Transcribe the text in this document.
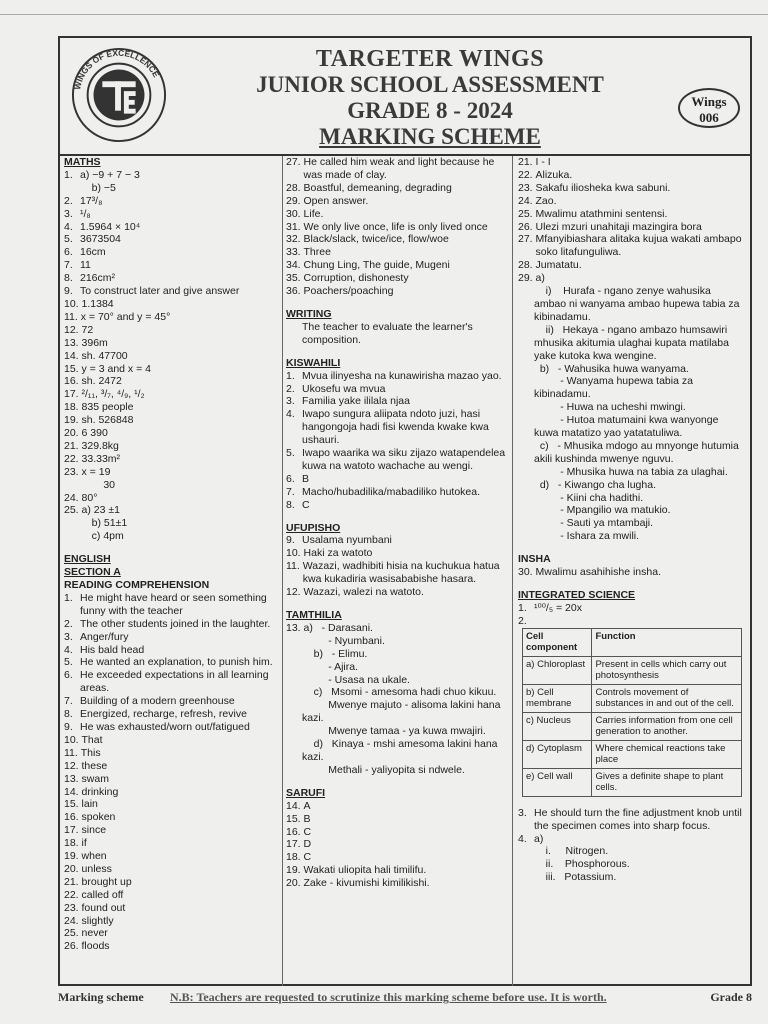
WINGS OF EXCELLENCE
TARGETER WINGS
JUNIOR SCHOOL ASSESSMENT
GRADE 8 - 2024
MARKING SCHEME
Wings
006
MATHS
1. a) −9 + 7 − 3
b) −5
2. 17³/₈
3. ¹/₈
4. 1.5964 × 10⁴
5. 3673504
6. 16cm
7. 11
8. 216cm²
9. To construct later and give answer
10. 1.1384
11. x = 70° and y = 45°
12. 72
13. 396m
14. sh. 47700
15. y = 3 and x = 4
16. sh. 2472
17. ²/₁₁, ³/₇, ⁴/₉, ¹/₂
18. 835 people
19. sh. 526848
20. 6 390
21. 329.8kg
22. 33.33m²
23. x = 19
30
24. 80°
25. a) 23 ±1
b) 51±1
c) 4pm
ENGLISH
SECTION A
READING COMPREHENSION
1. He might have heard or seen something funny with the teacher
2. The other students joined in the laughter.
3. Anger/fury
4. His bald head
5. He wanted an explanation, to punish him.
6. He exceeded expectations in all learning areas.
7. Building of a modern greenhouse
8. Energized, recharge, refresh, revive
9. He was exhausted/worn out/fatigued
10. That
11. This
12. these
13. swam
14. drinking
15. lain
16. spoken
17. since
18. if
19. when
20. unless
21. brought up
22. called off
23. found out
24. slightly
25. never
26. floods
27. He called him weak and light because he was made of clay.
28. Boastful, demeaning, degrading
29. Open answer.
30. Life.
31. We only live once, life is only lived once
32. Black/slack, twice/ice, flow/woe
33. Three
34. Chung Ling, The guide, Mugeni
35. Corruption, dishonesty
36. Poachers/poaching
WRITING
The teacher to evaluate the learner's composition.
KISWAHILI
1. Mvua ilinyesha na kunawirisha mazao yao.
2. Ukosefu wa mvua
3. Familia yake ililala njaa
4. Iwapo sungura aliipata ndoto juzi, hasi hangongoja hadi fisi kwenda kwake kwa ushauri.
5. Iwapo waarika wa siku zijazo watapendelea kuwa na watoto wachache au wengi.
6. B
7. Macho/hubadilika/mabadiliko hutokea.
8. C
UFUPISHO
9. Usalama nyumbani
10. Haki za watoto
11. Wazazi, wadhibiti hisia na kuchukua hatua kwa kukadiria wasisababishe hasara.
12. Wazazi, walezi na watoto.
TAMTHILIA
13. a)   - Darasani.
- Nyumbani.
b)   - Elimu.
- Ajira.
- Usasa na ukale.
c)   Msomi - amesoma hadi chuo kikuu.
Mwenye majuto - alisoma lakini hana kazi.
Mwenye tamaa - ya kuwa mwajiri.
d)   Kinaya - mshi amesoma lakini hana kazi.
Methali - yaliyopita si ndwele.
SARUFI
14. A
15. B
16. C
17. D
18. C
19. Wakati uliopita hali timilifu.
20. Zake - kivumishi kimilikishi.
21. I - I
22. Alizuka.
23. Sakafu iliosheka kwa sabuni.
24. Zao.
25. Mwalimu atathmini sentensi.
26. Ulezi mzuri unahitaji mazingira bora
27. Mfanyibiashara alitaka kujua wakati ambapo soko litafunguliwa.
28. Jumatatu.
29. a)
i)    Hurafa - ngano zenye wahusika ambao ni wanyama ambao hupewa tabia za kibinadamu.
ii)   Hekaya - ngano ambazo humsawiri mhusika akitumia ulaghai kupata matilaba yake kutoka kwa wengine.
b)   - Wahusika huwa wanyama.
- Wanyama hupewa tabia za kibinadamu.
- Huwa na ucheshi mwingi.
- Hutoa matumaini kwa wanyonge kuwa matatizo yao yatatatuliwa.
c)   - Mhusika mdogo au mnyonge hutumia akili kushinda mwenye nguvu.
- Mhusika huwa na tabia za ulaghai.
d)   - Kiwango cha lugha.
- Kiini cha hadithi.
- Mpangilio wa matukio.
- Sauti ya mtambaji.
- Ishara za mwili.
INSHA
30. Mwalimu asahihishe insha.
INTEGRATED SCIENCE
1. ¹⁰⁰/₅ = 20x
2.
Cell component	Function
a) Chloroplast	Present in cells which carry out photosynthesis
b) Cell membrane	Controls movement of substances in and out of the cell.
c) Nucleus	Carries information from one cell generation to another.
d) Cytoplasm	Where chemical reactions take place
e) Cell wall	Gives a definite shape to plant cells.
3. He should turn the fine adjustment knob until the specimen comes into sharp focus.
4. a)
i.     Nitrogen.
ii.    Phosphorous.
iii.   Potassium.
Marking scheme N.B: Teachers are requested to scrutinize this marking scheme before use. It is worth.	Grade 8
